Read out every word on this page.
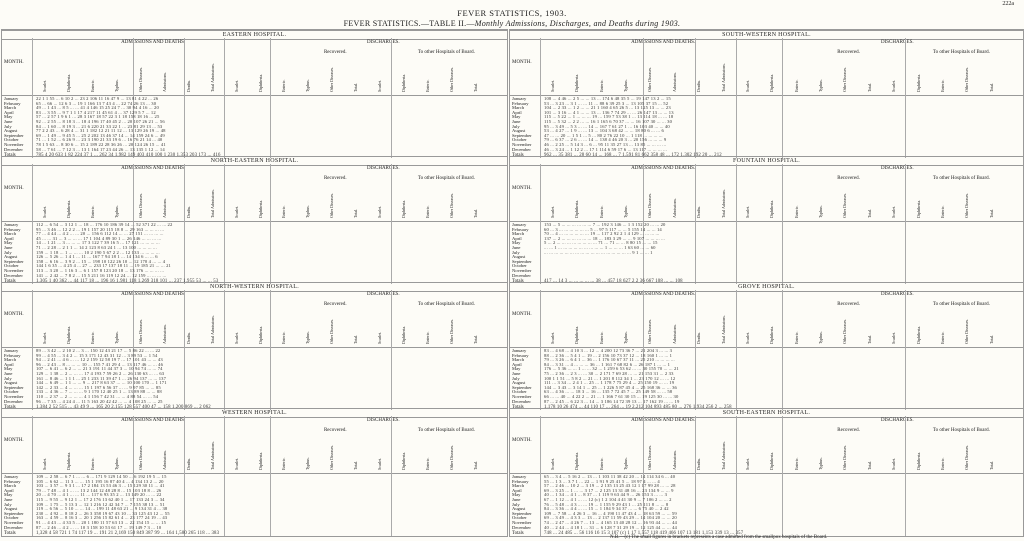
222a
FEVER STATISTICS, 1903.
FEVER STATISTICS.—TABLE II.—Monthly Admissions, Discharges, and Deaths during 1903.
EASTERN HOSPITAL.
MONTH.
ADMISSIONS AND DEATHS.	DISCHARGES.
Recovered.	To other Hospitals of Board.
Scarlet.	Diphtheria.	Enteric.	Typhus.	Other Diseases.	Admissions.	Deaths.	Total Admissions.	Scarlet.	Diphtheria.	Enteric.	Typhus.	Other Diseases.	Total.	Scarlet.	Diphtheria.	Enteric.	Other Diseases.	Total.
January	22 1 1 55 ... 6 10 2 ... 23 2 106 11 16 47 9 ... 13 81 4 22 ... 26
February	65 ... 66 ... 12 6 3 ... 19 1 166 13 7 43 4 ... 22 74 26 13 ... 30
March	49 ... 1 43 ... 8 5 ... ... 41 4 146 15 25 24 7 ... 30 94 4 16 ... 20
April	83 ... 3 55 ... 9 7 1 1 17 4 217 11 45 61 4 ... 37 129 5 7 ... 12
May	57 ... 2 57 1 9 6 1 ... 28 3 167 18 57 22 3 1 18 158 18 16 ... 25
June	92 ... 2 55 ... 8 18 3 ... 18 4 196 17 40 45 2 ... 20 107 26 21 ... 56
July	84 ... 1 60 ... 8 19 3 ... 21 6 220 21 33 22 1 ... 23 81 29 13 ... 53
August	77 2 2 43 ... 6 28 4 ... 31 1 182 12 21 11 12 ... 13 129 26 19 ... 48
September	69 ... 1 49 ... 9 45 5 ... 25 2 202 13 46 37 14 ... 14 159 24 6 ... 49
October	71 ... 1 52 ... 6 26 9 ... 23 3 190 21 33 19 6 ... 16 76 21 14 ... 40
November	78 1 5 63 ... 8 30 6 ... 15 2 189 22 28 36 26 ... 20 124 26 15 ... 41
December	58 ... 7 61 ... 7 12 3 ... 13 1 164 17 23 44 26 ... 13 135 1 12 ... 14
Totals	785 4 20 633 1 82 224 37 1 ... 262 34 1,982 149 403 410 100 1 230 1,353 203 173 ... 416
NORTH-EASTERN HOSPITAL.
MONTH.
ADMISSIONS AND DEATHS.	DISCHARGES.
Recovered.	To other Hospitals of Board.
Scarlet.	Diphtheria.	Enteric.	Typhus.	Other Diseases.	Admissions.	Deaths.	Total Admissions.	Scarlet.	Diphtheria.	Enteric.	Typhus.	Other Diseases.	Total.	Scarlet.	Diphtheria.	Enteric.	Other Diseases.	Total.
January	112 ... 6 54 ... 3 12 1 ... 18 ... 176 10 186 39 14 ... 52 371 22 ... ... 22
February	95 ... 3 46 ... 12 2 2 ... 19 1 157 20 115 18 8 ... 29 163 ... ... ... ...
March	77 ... 4 44 ... 4 2 ... ... 20 ... 156 6 112 14 ... ... 27 151 ... ... ... ...
April	45 ... ... 31 ... 3 ... ... ... 17 1 104 4 89 30 1 ... 26 146 ... ... ... ...
May	14 ... 1 21 ... 3 ... ... ... 17 3 122 7 39 16 5 ... 17 121 ... ... ... ...
June	71 ... 2 28 ... 2 1 1 ... 14 2 123 8 63 24 1 ... 13 100 ... ... ... ...
July	159 ... 1 18 ... 1 ... ... ... 10 2 190 5 67 2 2 ... 12 133 ... ... ... ...
August	126 ... 5 26 ... 1 4 1 ... 11 ... 167 7 94 18 1 ... 14 134 6 ... ... 6
September	158 ... 6 16 ... 3 9 2 ... 15 ... 198 10 122 26 10 ... 12 170 4 ... ... 4
October	144 1 6 35 ... 4 25 4 ... 27 ... 233 17 137 18 11 ... 19 185 21 ... ... 21
November	113 ... 3 20 ... 1 16 3 ... 6 1 157 8 123 20 18 ... 13 176 ... ... ... ...
December	141 ... 2 42 ... 7 8 2 ... 15 5 211 16 119 12 24 ... 12 159 ... ... ... ...
Totals	1,305 1 40 362 ... 44 117 18 ... 196 16 1,981 118 1,269 318 101 ... 237 1,955 53 ... ... 53
NORTH-WESTERN HOSPITAL.
MONTH.
ADMISSIONS AND DEATHS.	DISCHARGES.
Recovered.	To other Hospitals of Board.
Scarlet.	Diphtheria.	Enteric.	Typhus.	Other Diseases.	Admissions.	Deaths.	Total Admissions.	Scarlet.	Diphtheria.	Enteric.	Typhus.	Other Diseases.	Total.	Scarlet.	Diphtheria.	Enteric.	Other Diseases.	Total.
January	89 ... 3 42 ... 2 10 2 ... 3 ... 150 12 43 21 17 ... 5 86 22 ... ... 22
February	99 ... 4 55 ... 3 4 2 ... 15 3 171 12 43 31 12 ... 3 89 53 ... 1 54
March	94 ... 2 41 ... 4 6 ... ... 12 2 159 12 58 19 7 ... 17 101 43 ... ... 43
April	96 ... 2 43 ... 8 ... ... ... 10 ... 155 7 41 29 4 ... 13 117 46 ... ... 46
May	107 ... 6 41 ... 6 2 ... ... 21 3 191 11 44 37 3 ... 10 94 74 ... ... 74
June	129 ... 1 38 ... 2 ... ... ... 17 4 193 7 59 26 2 ... 26 130 63 ... ... 63
July	161 ... 8 46 ... 1 1 1 ... 25 1 233 11 39 47 1 ... 26 94 137 ... ... 137
August	144 ... 6 49 ... 1 1 ... ... 9 ... 217 8 63 37 ... ... 10 100 170 ... 1 171
September	142 ... 2 33 ... 4 ... ... ... 15 1 197 6 56 37 ... ... 9 97 85 ... ... 85
October	133 ... 4 36 ... 7 ... ... ... 9 1 170 12 40 25 1 ... 13 89 88 ... ... 88
November	110 ... 2 37 ... 2 ... ... ... 4 1 156 7 42 31 ... ... 4 88 54 ... ... 54
December	96 ... 7 35 ... 4 24 4 ... 11 5 163 20 42 42 ... ... 4 108 25 ... ... 25
Totals	1,384 2 52 515 ... 43 49 9 ... 165 20 2,155 128 557 400 47 ... 158 1,200 869 ... 2 062
WESTERN HOSPITAL.
MONTH.
ADMISSIONS AND DEATHS.	DISCHARGES.
Recovered.	To other Hospitals of Board.
Scarlet.	Diphtheria.	Enteric.	Typhus.	Other Diseases.	Admissions.	Deaths.	Total Admissions.	Scarlet.	Diphtheria.	Enteric.	Typhus.	Other Diseases.	Total.	Scarlet.	Diphtheria.	Enteric.	Other Diseases.	Total.
January	109 ... 2 58 ... 6 7 1 ... ... 6 ... 171 9 129 14 50 ... 6 192 19 5 ... 15
February	105 ... 6 62 ... 11 3 ... ... 15 1 195 16 87 40 4 ... 4 134 13 2 ... 20
March	103 ... 3 57 ... 9 3 1 ... 17 2 184 13 53 46 3 ... 15 129 30 11 ... 41
April	79 ... 7 48 ... 4 1 ... ... 13 2 144 12 48 28 8 ... 15 103 18 8 ... 26
May	20 ... 4 70 ... 4 1 ... ... 11 ... 117 6 93 35 2 ... 13 149 20 ... ... 22
June	115 ... 9 55 ... 9 12 1 ... 17 2 176 13 62 40 1 ... 17 133 24 3 ... 34
July	109 ... 1 75 ... 5 13 3 ... 12 1 216 12 42 34 7 ... 7 155 38 13 ... 51
August	119 ... 6 56 ... 5 10 ... ... 14 ... 199 11 48 63 21 ... 9 134 31 4 ... 38
September	230 ... 4 92 ... 8 18 2 ... 26 3 358 19 67 43 10 ... 33 125 43 12 ... 55
October	163 ... 4 59 ... 8 16 3 ... 20 1 256 15 82 61 4 ... 23 177 24 19 ... 43
November	91 ... 4 43 ... 4 33 5 ... 20 1 180 11 57 63 13 ... 22 154 15 ... ... 15
December	87 ... 2 46 ... 4 2 ... ... 10 3 158 10 53 61 17 ... 19 149 7 3 ... 10
Totals	1,328 4 58 721 1 74 117 19 ... 191 21 2,169 150 849 387 99 ... 164 1,580 265 118 ... 383
SOUTH-WESTERN HOSPITAL.
MONTH.
ADMISSIONS AND DEATHS.	DISCHARGES.
Recovered.	To other Hospitals of Board.
Scarlet.	Diphtheria.	Enteric.	Typhus.	Other Diseases.	Admissions.	Deaths.	Total Admissions.	Scarlet.	Diphtheria.	Enteric.	Typhus.	Other Diseases.	Total.	Scarlet.	Diphtheria.	Enteric.	Other Diseases.	Total.
January	108 ... 4 46 ... 2 5 ... ... 13 ... 174 6 48 35 5 ... 19 147 13 2 ... 15
February	53 ... 3 23 ... 3 1 ... ... 11 ... 88 6 39 25 3 ... 13 105 37 15 ... 52
March	104 ... 2 33 ... 1 2 ... ... 21 1 160 4 65 26 5 ... 13 125 13 ... ... 23
April	101 ... 3 16 ... 4 1 ... ... 13 ... 136 7 74 29 ... ... 26 147 13 ... ... 13
May	115 ... 5 22 ... 1 ... ... ... 19 ... 159 7 53 38 1 ... 13 114 18 ... ... 18
June	115 ... 5 32 ... 2 2 ... ... 16 1 165 6 70 37 ... ... 16 107 30 ... ... 30
July	95 ... 3 49 ... 5 3 ... ... 14 ... 167 7 61 27 1 ... 16 103 40 ... ... 40
August	53 ... 4 27 ... 1 9 ... ... 13 ... 104 3 68 42 ... ... 18 80 6 ... ... 6
September	47 ... ... 20 ... 1 5 1 ... 5 ... 80 2 76 22 10 ... 1 118 ... ... ... ...
October	79 ... 6 37 ... 2 6 ... ... 14 ... 138 4 46 20 3 ... 20 156 ... ... ... 9
November	46 ... 2 25 ... 5 14 3 ... 6 ... 95 11 35 27 13 ... 13 85 ... ... ... ...
December	46 ... 3 24 ... 1 12 2 ... 17 1 114 6 59 17 6 ... 13 117 ... ... ... ...
Totals	962 ... 35 381 ... 28 60 14 ... 168 ... 7 1,591 81 662 358 48 ... 172 1,302 192 20 ... 212
FOUNTAIN HOSPITAL.
MONTH.
ADMISSIONS AND DEATHS.	DISCHARGES.
Recovered.	To other Hospitals of Board.
Scarlet.	Diphtheria.	Enteric.	Typhus.	Other Diseases.	Admissions.	Deaths.	Total Admissions.	Scarlet.	Diphtheria.	Enteric.	Typhus.	Other Diseases.	Total.	Scarlet.	Diphtheria.	Enteric.	Other Diseases.	Total.
January	153 ... 5 ... ... ... ... ... ... 7 ... 192 3 146 ... 1 3 152 20 ... ... 20
February	60 ... 3 ... ... ... ... ... ... 5 ... 97 5 117 ... ... 5 155 14 ... ... 14
March	70 ... 4 ... ... ... ... ... ... 19 ... 117 2 92 2 1 4 129 ... ... ... ...
April	137 ... 2 ... ... ... ... ... ... 18 ... 183 3 29 ... ... 9 107 ... ... ... ...
May	5 ... 2 ... ... ... ... ... ... ... ... 71 ... 71 ... ... 8 80 15 ... ... 15
June	... ... 1 ... ... ... ... ... ... ... ... ... 1 ... ... ... 1 63 60 ... ... 60
July	... ... ... ... ... ... ... ... ... ... ... ... ... ... ... ... ... 9 1 ... ... 1
August
September
October
November
December
Totals	417 ... 14 3 ... ... ... ... ... 38 ... 457 18 627 2 2 36 667 108 ... ... 108
GROVE HOSPITAL.
MONTH.
ADMISSIONS AND DEATHS.	DISCHARGES.
Recovered.	To other Hospitals of Board.
Scarlet.	Diphtheria.	Enteric.	Typhus.	Other Diseases.	Admissions.	Deaths.	Total Admissions.	Scarlet.	Diphtheria.	Enteric.	Typhus.	Other Diseases.	Total.	Scarlet.	Diphtheria.	Enteric.	Other Diseases.	Total.
January	83 ... 4 68 ... 4 10 3 ... 12 ... 4 200 12 73 36 7 ... 21 204 3 ... ... 3
February	88 ... 2 36 ... 5 4 1 ... 19 ... 2 156 10 73 37 12 ... 18 160 1 ... ... 1
March	79 ... 3 26 ... 6 4 1 ... 36 ... 1 176 10 67 37 11 ... 25 210 ... ... ... ...
April	84 ... 3 31 ... 4 ... ... ... 36 ... 1 161 7 68 82 6 ... 26 187 1 ... ... 1
May	176 ... 5 36 ... ... 1 ... ... 32 ... 1 259 6 53 62 ... ... 30 155 70 ... ... 21
June	75 ... 2 36 ... 2 3 ... ... 30 ... 2 171 7 69 28 ... ... 21 153 31 ... 2 33
July	100 1 1 51 ... 5 8 2 ... 21 ... 1 201 8 112 34 1 ... 23 170 12 ... ... 12
August	111 ... 3 34 ... 2 4 1 ... 25 ... 1 178 7 75 29 4 ... 25 150 19 ... ... 19
September	144 ... 3 43 ... 3 14 1 ... 25 ... 1 226 5 87 45 4 ... 25 168 36 ... ... 36
October	63 ... 4 36 ... ... 18 3 ... 16 ... 135 7 72 45 7 ... 25 149 58 ... ... 58
November	66 ... ... 40 ... 4 22 2 ... 21 ... 1 166 7 61 30 15 ... 19 125 30 ... ... 30
December	87 ... 2 45 ... 6 22 3 ... 14 ... 3 186 14 72 39 13 ... 17 162 19 ... ... 19
Totals	1,178 10 26 474 ... 44 110 17 ... 264 ... 19 2,212 104 893 485 80 ... 276 1,934 256 2 ... 258
SOUTH-EASTERN HOSPITAL.
MONTH.
ADMISSIONS AND DEATHS.	DISCHARGES.
Recovered.	To other Hospitals of Board.
Scarlet.	Diphtheria.	Enteric.	Typhus.	Other Diseases.	Admissions.	Deaths.	Total Admissions.	Scarlet.	Diphtheria.	Enteric.	Typhus.	Other Diseases.	Total.	Scarlet.	Diphtheria.	Enteric.	Other Diseases.	Total.
January	65 ... 3 4 ... 5 16 2 ... 13 ... 1 103 11 38 42 20 ... 14 114 34 6 ... 40
February	55 ... 1 3 ... 3 7 1 ... 22 ... 1 91 9 25 41 5 ... 18 97 4 ... ... 4
March	57 ... 2 46 ... 10 2 ... 3 19 ... 2 135 13 25 43 12 1 17 99 28 ... ... 28
April	69 ... 3 25 ... 1 ... ... 3 17 ... 2 125 13 31 48 16 ... 23 134 9 ... ... 9
May	40 ... 1 34 ... 4 1 ... 8 37 ... 1 119 9 63 44 9 ... 26 153 3 ... ... 3
June	67 ... 1 12 ... 4 1 ... ... 12 (c) 1 2 104 4 41 30 9 ... 7 106 2 ... ... 2
July	76 ... 5 48 ... 4 3 ... ... 19 ... 1 155 9 29 43 1 ... 25 111 8 ... ... 8
August	84 ... 3 36 ... 4 4 ... ... 15 ... 1 184 9 34 37 ... ... 6 75 40 ... 2 42
September	109 ... 7 58 ... 4 26 3 ... 16 ... 4 190 11 47 43 4 ... 18 63 59 ... ... 59
October	69 ... 3 49 ... 4 3 3 ... 13 ... 2 137 11 59 43 29 ... 14 104 20 ... ... 20
November	74 ... 2 47 ... 4 26 7 ... 13 ... 4 165 13 40 28 12 ... 16 93 44 ... ... 44
December	40 ... 2 44 ... 4 18 1 ... 31 ... 6 128 7 31 29 19 ... 12 125 44 ... ... 44
Totals	748 ... 24 485 ... 56 116 16 15 3 107 (c) 1 17 1,557 118 419 466 107 13 181 1,153 339 13 ... 357
N.B.—(c) The small figures in brackets represents a case admitted from the smallpox hospitals of the Board.
